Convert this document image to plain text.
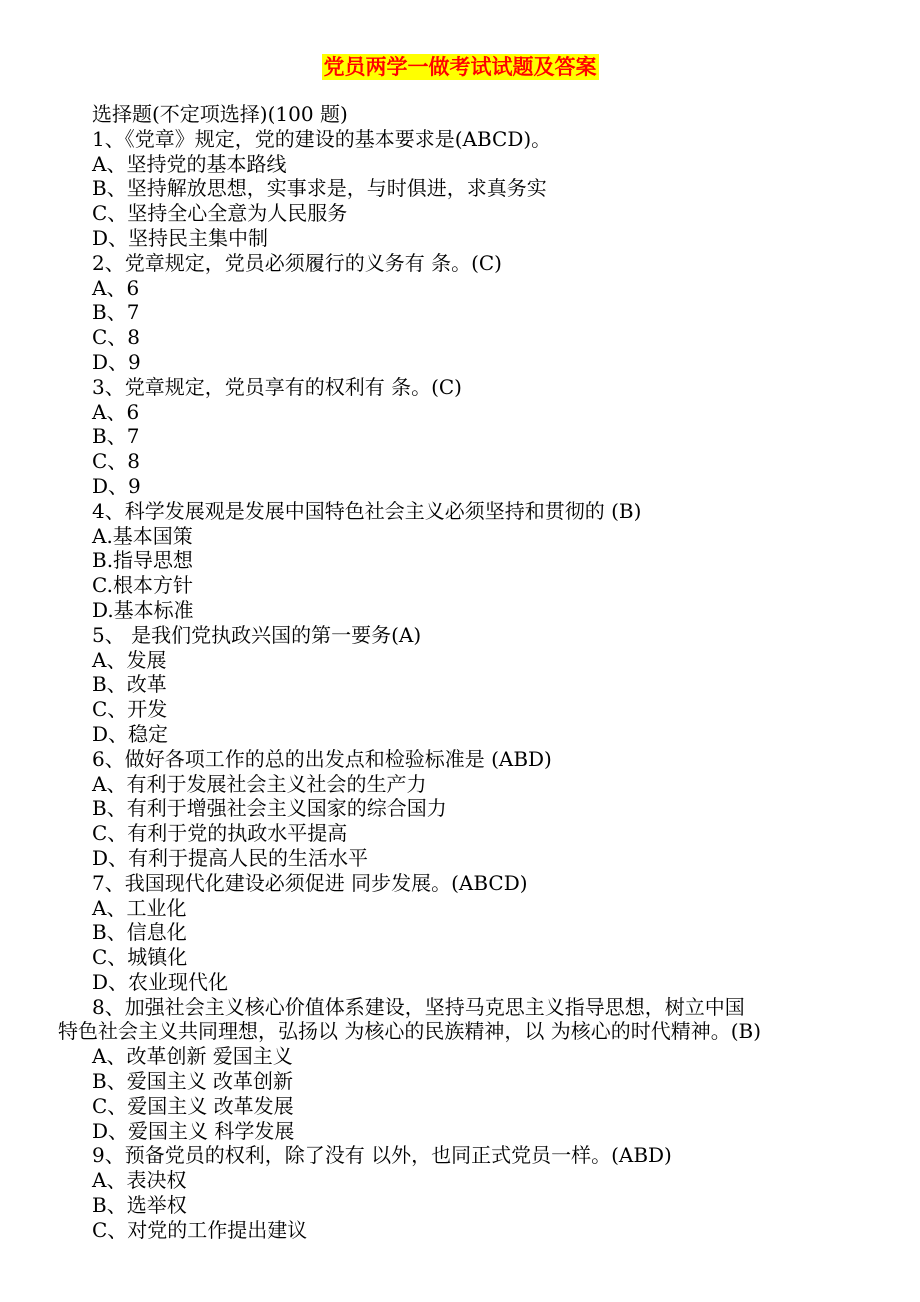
党员两学一做考试试题及答案
选择题(不定项选择)(100 题)
1、《党章》规定，党的建设的基本要求是(ABCD)。
A、坚持党的基本路线
B、坚持解放思想，实事求是，与时俱进，求真务实
C、坚持全心全意为人民服务
D、坚持民主集中制
2、党章规定，党员必须履行的义务有 条。(C)
A、6
B、7
C、8
D、9
3、党章规定，党员享有的权利有 条。(C)
A、6
B、7
C、8
D、9
4、科学发展观是发展中国特色社会主义必须坚持和贯彻的 (B)
A.基本国策
B.指导思想
C.根本方针
D.基本标准
5、 是我们党执政兴国的第一要务(A)
A、发展
B、改革
C、开发
D、稳定
6、做好各项工作的总的出发点和检验标准是 (ABD)
A、有利于发展社会主义社会的生产力
B、有利于增强社会主义国家的综合国力
C、有利于党的执政水平提高
D、有利于提高人民的生活水平
7、我国现代化建设必须促进 同步发展。(ABCD)
A、工业化
B、信息化
C、城镇化
D、农业现代化
8、加强社会主义核心价值体系建设，坚持马克思主义指导思想，树立中国
特色社会主义共同理想，弘扬以 为核心的民族精神，以 为核心的时代精神。(B)
A、改革创新 爱国主义
B、爱国主义 改革创新
C、爱国主义 改革发展
D、爱国主义 科学发展
9、预备党员的权利，除了没有 以外，也同正式党员一样。(ABD)
A、表决权
B、选举权
C、对党的工作提出建议
